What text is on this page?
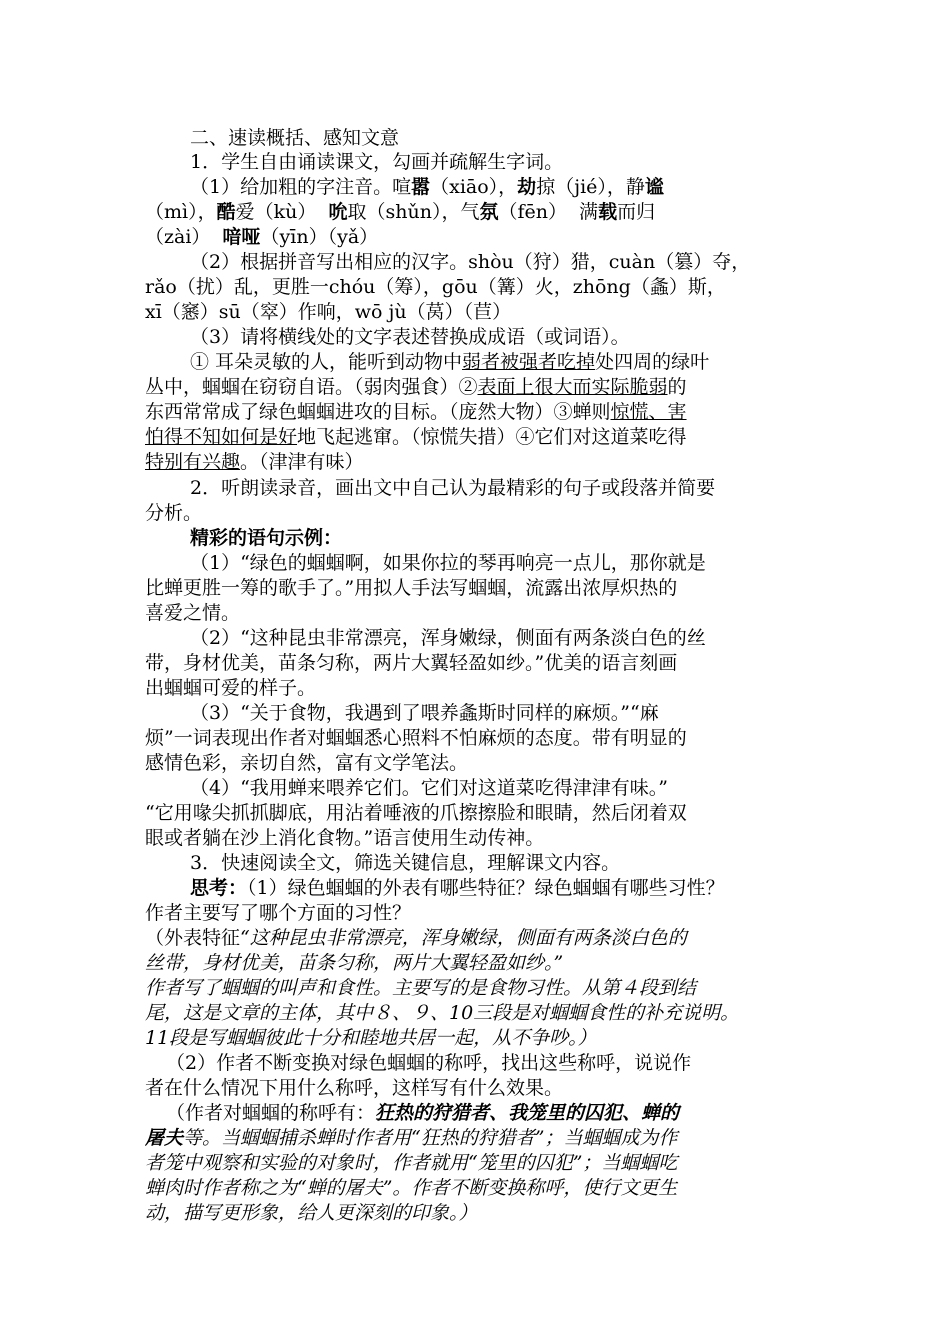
二、速读概括、感知文意
1．学生自由诵读课文，勾画并疏解生字词。
（1）给加粗的字注音。喧嚣（xiāo），劫掠（jié），静谧
（mì），酷爱（kù） 吮取（shǔn），气氛（fēn）  满载而归
（zài） 喑哑（yīn）（yǎ）
（2）根据拼音写出相应的汉字。shòu（狩）猎，cuàn（篡）夺，
rǎo（扰）乱，更胜一chóu（筹），gōu（篝）火，zhōng（螽）斯，
xī（窸）sū（窣）作响，wō jù（莴）（苣）
（3）请将横线处的文字表述替换成成语（或词语）。
① 耳朵灵敏的人，能听到动物中弱者被强者吃掉处四周的绿叶
丛中，蝈蝈在窃窃自语。（弱肉强食）②表面上很大而实际脆弱的
东西常常成了绿色蝈蝈进攻的目标。（庞然大物）③蝉则惊慌、害
怕得不知如何是好地飞起逃窜。（惊慌失措）④它们对这道菜吃得
特别有兴趣。（津津有味）
2．听朗读录音，画出文中自己认为最精彩的句子或段落并简要
分析。
精彩的语句示例：
（1）“绿色的蝈蝈啊，如果你拉的琴再响亮一点儿，那你就是
比蝉更胜一筹的歌手了。”用拟人手法写蝈蝈，流露出浓厚炽热的
喜爱之情。
（2）“这种昆虫非常漂亮，浑身嫩绿，侧面有两条淡白色的丝
带，身材优美，苗条匀称，两片大翼轻盈如纱。”优美的语言刻画
出蝈蝈可爱的样子。
（3）“关于食物，我遇到了喂养螽斯时同样的麻烦。”“麻
烦”一词表现出作者对蝈蝈悉心照料不怕麻烦的态度。带有明显的
感情色彩，亲切自然，富有文学笔法。
（4）“我用蝉来喂养它们。它们对这道菜吃得津津有味。”
“它用喙尖抓抓脚底，用沾着唾液的爪擦擦脸和眼睛，然后闭着双
眼或者躺在沙上消化食物。”语言使用生动传神。
3．快速阅读全文，筛选关键信息，理解课文内容。
思考：（1）绿色蝈蝈的外表有哪些特征？绿色蝈蝈有哪些习性？
作者主要写了哪个方面的习性？
（外表特征“这种昆虫非常漂亮，浑身嫩绿，侧面有两条淡白色的
丝带，身材优美，苗条匀称，两片大翼轻盈如纱。”
作者写了蝈蝈的叫声和食性。主要写的是食物习性。从第４段到结
尾，这是文章的主体，其中８、９、10三段是对蝈蝈食性的补充说明。
11段是写蝈蝈彼此十分和睦地共居一起，从不争吵。）
（2）作者不断变换对绿色蝈蝈的称呼，找出这些称呼，说说作
者在什么情况下用什么称呼，这样写有什么效果。
（作者对蝈蝈的称呼有：狂热的狩猎者、我笼里的囚犯、蝉的
屠夫等。当蝈蝈捕杀蝉时作者用“狂热的狩猎者”；当蝈蝈成为作
者笼中观察和实验的对象时，作者就用“笼里的囚犯”；当蝈蝈吃
蝉肉时作者称之为“蝉的屠夫”。作者不断变换称呼，使行文更生
动，描写更形象，给人更深刻的印象。）
